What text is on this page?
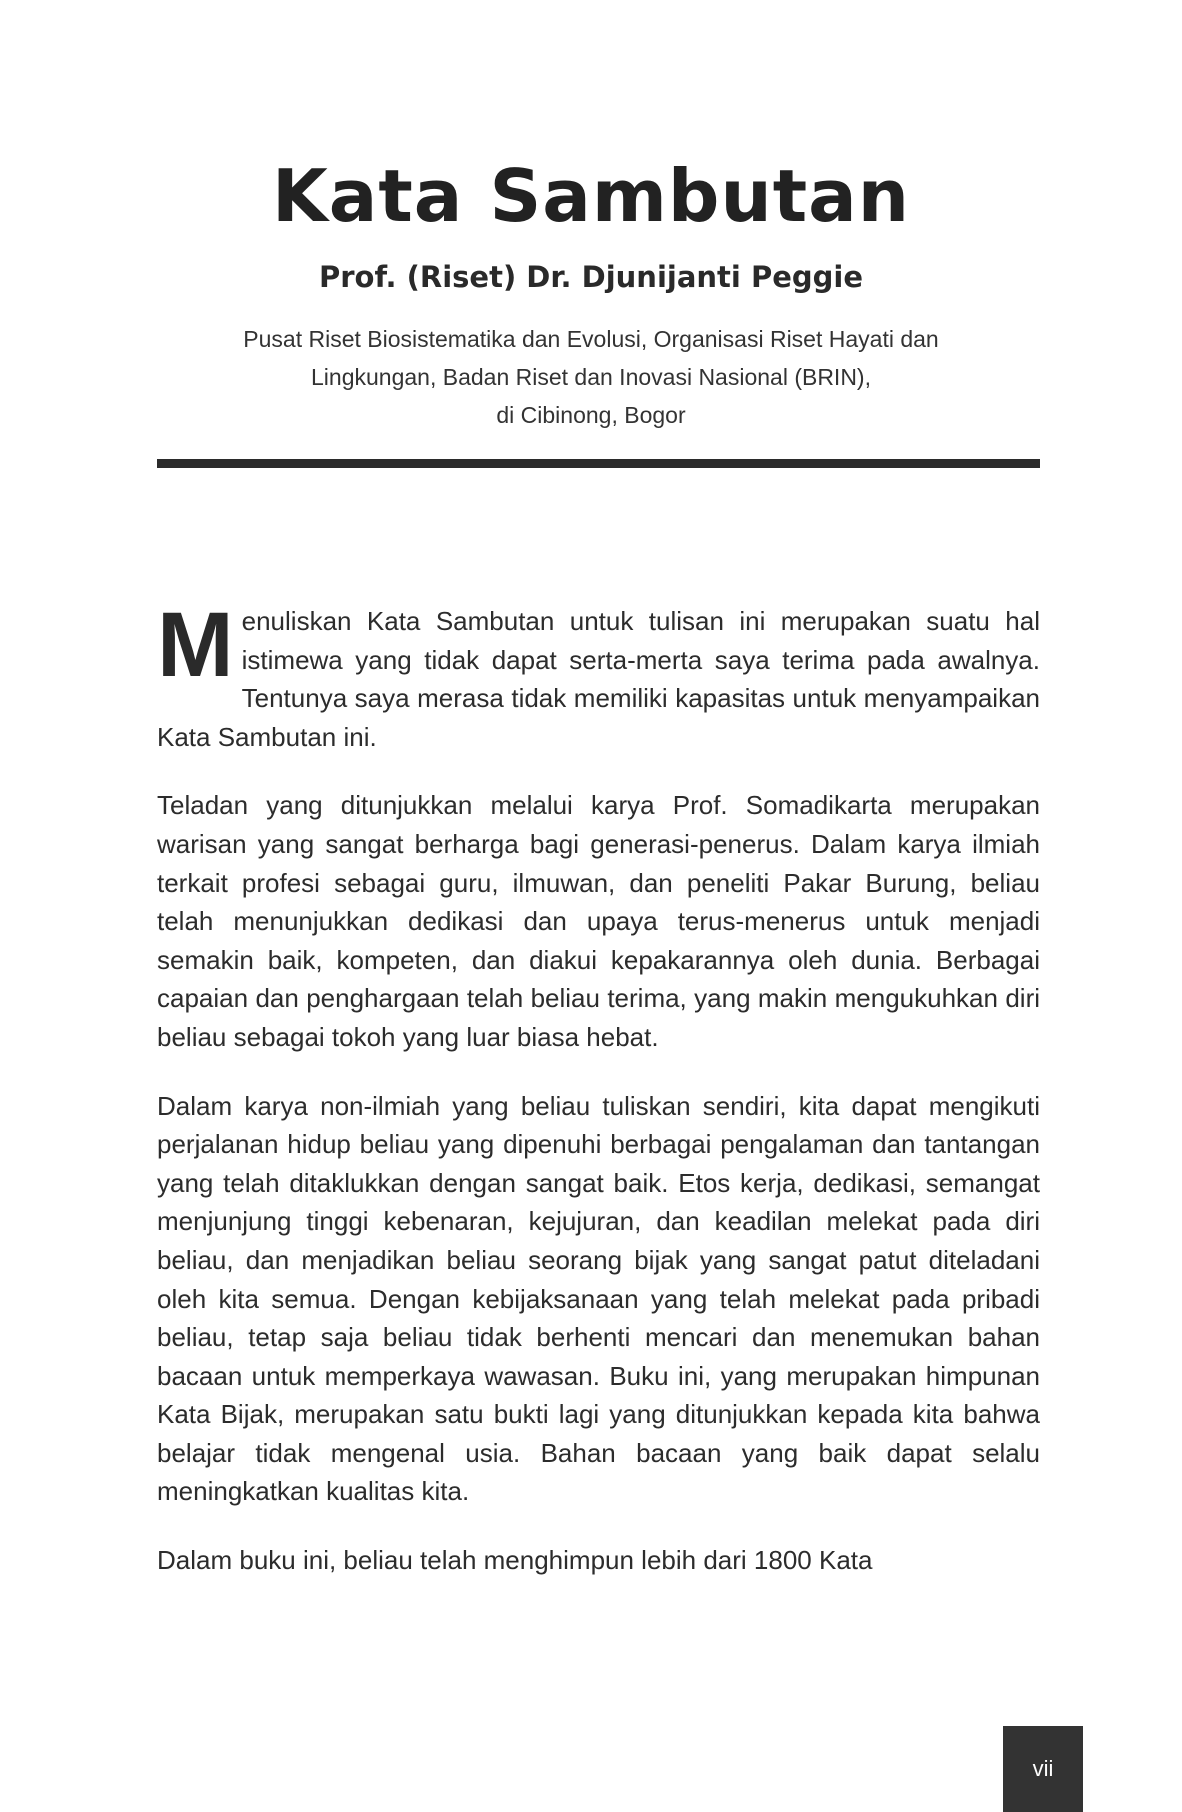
Kata Sambutan
Prof. (Riset) Dr. Djunijanti Peggie
Pusat Riset Biosistematika dan Evolusi, Organisasi Riset Hayati dan
Lingkungan, Badan Riset dan Inovasi Nasional (BRIN),
di Cibinong, Bogor

Menuliskan Kata Sambutan untuk tulisan ini merupakan suatu hal istimewa yang tidak dapat serta-merta saya terima pada awalnya. Tentunya saya merasa tidak memiliki kapasitas untuk menyampaikan Kata Sambutan ini.

Teladan yang ditunjukkan melalui karya Prof. Somadikarta merupakan warisan yang sangat berharga bagi generasi-penerus. Dalam karya ilmiah terkait profesi sebagai guru, ilmuwan, dan peneliti Pakar Burung, beliau telah menunjukkan dedikasi dan upaya terus-menerus untuk menjadi semakin baik, kompeten, dan diakui kepakarannya oleh dunia. Berbagai capaian dan penghargaan telah beliau terima, yang makin mengukuhkan diri beliau sebagai tokoh yang luar biasa hebat.

Dalam karya non-ilmiah yang beliau tuliskan sendiri, kita dapat mengikuti perjalanan hidup beliau yang dipenuhi berbagai pengalaman dan tantangan yang telah ditaklukkan dengan sangat baik. Etos kerja, dedikasi, semangat menjunjung tinggi kebenaran, kejujuran, dan keadilan melekat pada diri beliau, dan menjadikan beliau seorang bijak yang sangat patut diteladani oleh kita semua. Dengan kebijaksanaan yang telah melekat pada pribadi beliau, tetap saja beliau tidak berhenti mencari dan menemukan bahan bacaan untuk memperkaya wawasan. Buku ini, yang merupakan himpunan Kata Bijak, merupakan satu bukti lagi yang ditunjukkan kepada kita bahwa belajar tidak mengenal usia. Bahan bacaan yang baik dapat selalu meningkatkan kualitas kita.

Dalam buku ini, beliau telah menghimpun lebih dari 1800 Kata

vii
